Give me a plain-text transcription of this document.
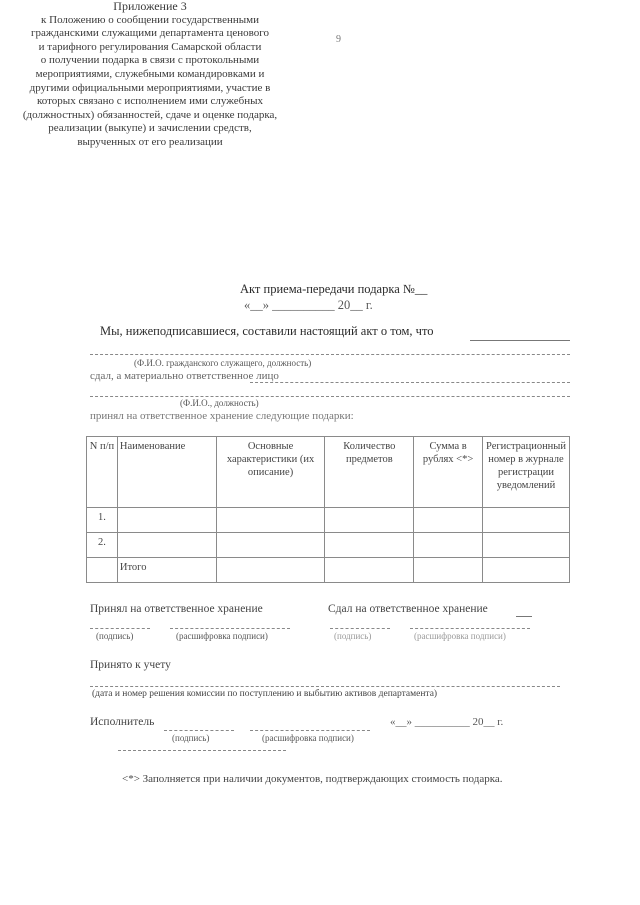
9
Приложение 3
к Положению о сообщении государственными
гражданскими служащими департамента ценового
и тарифного регулирования Самарской области
о получении подарка в связи с протокольными
мероприятиями, служебными командировками и
другими официальными мероприятиями, участие в
которых связано с исполнением ими служебных
(должностных) обязанностей, сдаче и оценке подарка,
реализации (выкупе) и зачислении средств,
вырученных от его реализации
Акт приема-передачи подарка №__
«__» __________ 20__ г.
Мы, нижеподписавшиеся, составили настоящий акт о том, что
(Ф.И.О. гражданского служащего, должность)
сдал, а материально ответственное лицо
(Ф.И.О., должность)
принял на ответственное хранение следующие подарки:
N п/п	Наименование	Основные характеристики (их описание)	Количество предметов	Сумма в рублях <*>	Регистрационный номер в журнале регистрации уведомлений
1.					
2.					
	Итого				
Принял на ответственное хранение	Сдал на ответственное хранение
(подпись)	(расшифровка подписи)	(подпись)	(расшифровка подписи)
Принято к учету
(дата и номер решения комиссии по поступлению и выбытию активов департамента)
Исполнитель	«__» __________ 20__ г.
(подпись)	(расшифровка подписи)
<*> Заполняется при наличии документов, подтверждающих стоимость подарка.
